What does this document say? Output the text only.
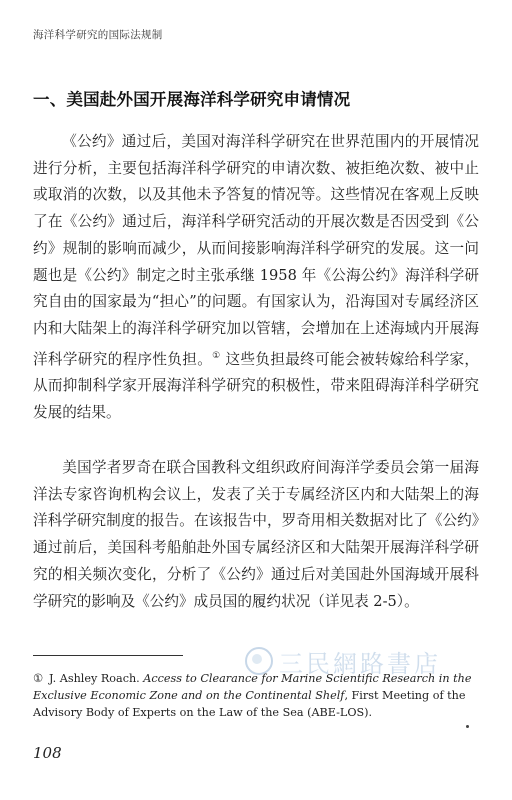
海洋科学研究的国际法规制
一、美国赴外国开展海洋科学研究申请情况

《公约》通过后，美国对海洋科学研究在世界范围内的开展情况进行分析，主要包括海洋科学研究的申请次数、被拒绝次数、被中止或取消的次数，以及其他未予答复的情况等。这些情况在客观上反映了在《公约》通过后，海洋科学研究活动的开展次数是否因受到《公约》规制的影响而减少，从而间接影响海洋科学研究的发展。这一问题也是《公约》制定之时主张承继 1958 年《公海公约》海洋科学研究自由的国家最为“担心”的问题。有国家认为，沿海国对专属经济区内和大陆架上的海洋科学研究加以管辖，会增加在上述海域内开展海洋科学研究的程序性负担。① 这些负担最终可能会被转嫁给科学家，从而抑制科学家开展海洋科学研究的积极性，带来阻碍海洋科学研究发展的结果。

美国学者罗奇在联合国教科文组织政府间海洋学委员会第一届海洋法专家咨询机构会议上，发表了关于专属经济区内和大陆架上的海洋科学研究制度的报告。在该报告中，罗奇用相关数据对比了《公约》通过前后，美国科考船舶赴外国专属经济区和大陆架开展海洋科学研究的相关频次变化，分析了《公约》通过后对美国赴外国海域开展科学研究的影响及《公约》成员国的履约状况（详见表 2-5）。

三民網路書店
① J. Ashley Roach. Access to Clearance for Marine Scientific Research in the Exclusive Economic Zone and on the Continental Shelf, First Meeting of the Advisory Body of Experts on the Law of the Sea (ABE-LOS).
108
